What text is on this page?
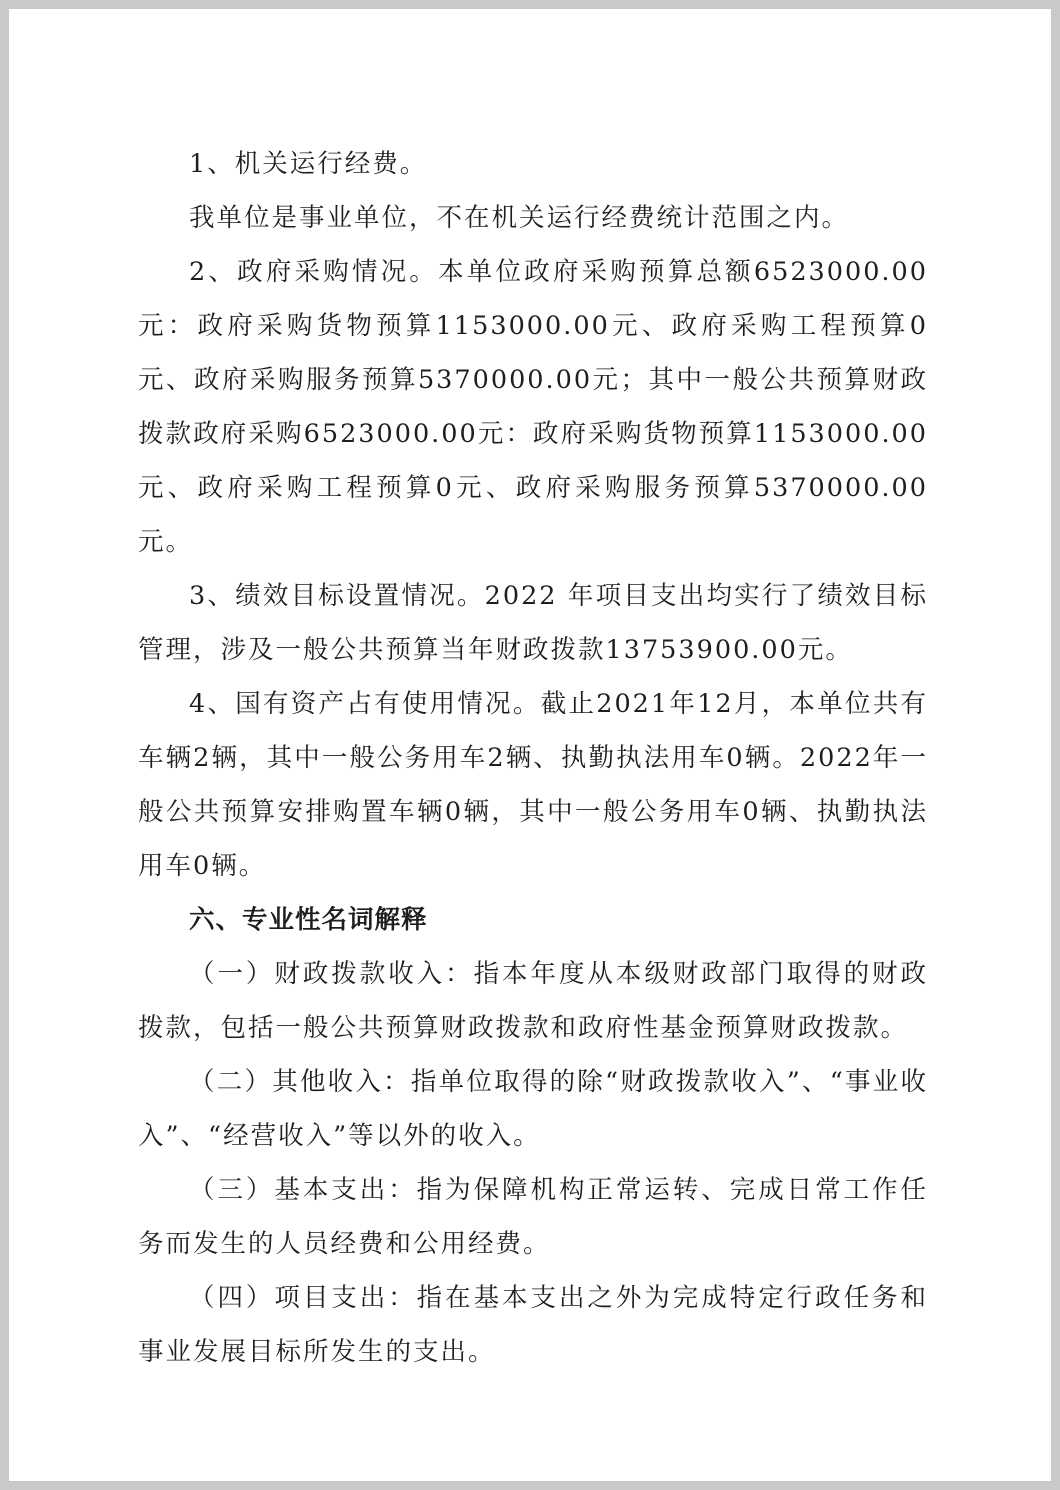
1、机关运行经费。

我单位是事业单位，不在机关运行经费统计范围之内。

2、政府采购情况。本单位政府采购预算总额6523000.00元：政府采购货物预算1153000.00元、政府采购工程预算0元、政府采购服务预算5370000.00元；其中一般公共预算财政拨款政府采购6523000.00元：政府采购货物预算1153000.00元、政府采购工程预算0元、政府采购服务预算5370000.00元。

3、绩效目标设置情况。2022 年项目支出均实行了绩效目标管理，涉及一般公共预算当年财政拨款13753900.00元。

4、国有资产占有使用情况。截止2021年12月，本单位共有车辆2辆，其中一般公务用车2辆、执勤执法用车0辆。2022年一般公共预算安排购置车辆0辆，其中一般公务用车0辆、执勤执法用车0辆。

六、专业性名词解释

（一）财政拨款收入：指本年度从本级财政部门取得的财政拨款，包括一般公共预算财政拨款和政府性基金预算财政拨款。

（二）其他收入：指单位取得的除“财政拨款收入”、“事业收入”、“经营收入”等以外的收入。

（三）基本支出：指为保障机构正常运转、完成日常工作任务而发生的人员经费和公用经费。

（四）项目支出：指在基本支出之外为完成特定行政任务和事业发展目标所发生的支出。
